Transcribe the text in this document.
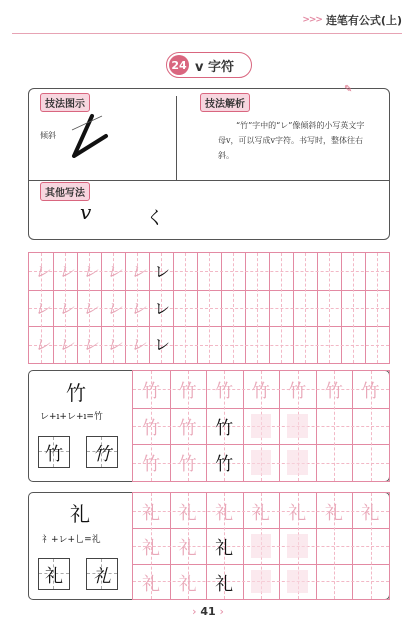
>>> 连笔有公式(上)
24 v 字符
技法图示	技法解析
其他写法
✎
倾斜
“竹”字中的“レ”像倾斜的小写英文字母v，可以写成v字符。书写时，整体往右斜。
v	く
レ レ レ レ レ レ
レ レ レ レ レ レ
レ レ レ レ レ レ
竹
レ+ı+レ+ı=竹
竹	竹
竹 竹 竹 竹 竹 竹 竹
竹 竹 竹
竹 竹 竹
礼
礻+レ+乚=礼
礼	礼
礼 礼 礼 礼 礼 礼 礼
礼 礼 礼
礼 礼 礼
› 41 ›
